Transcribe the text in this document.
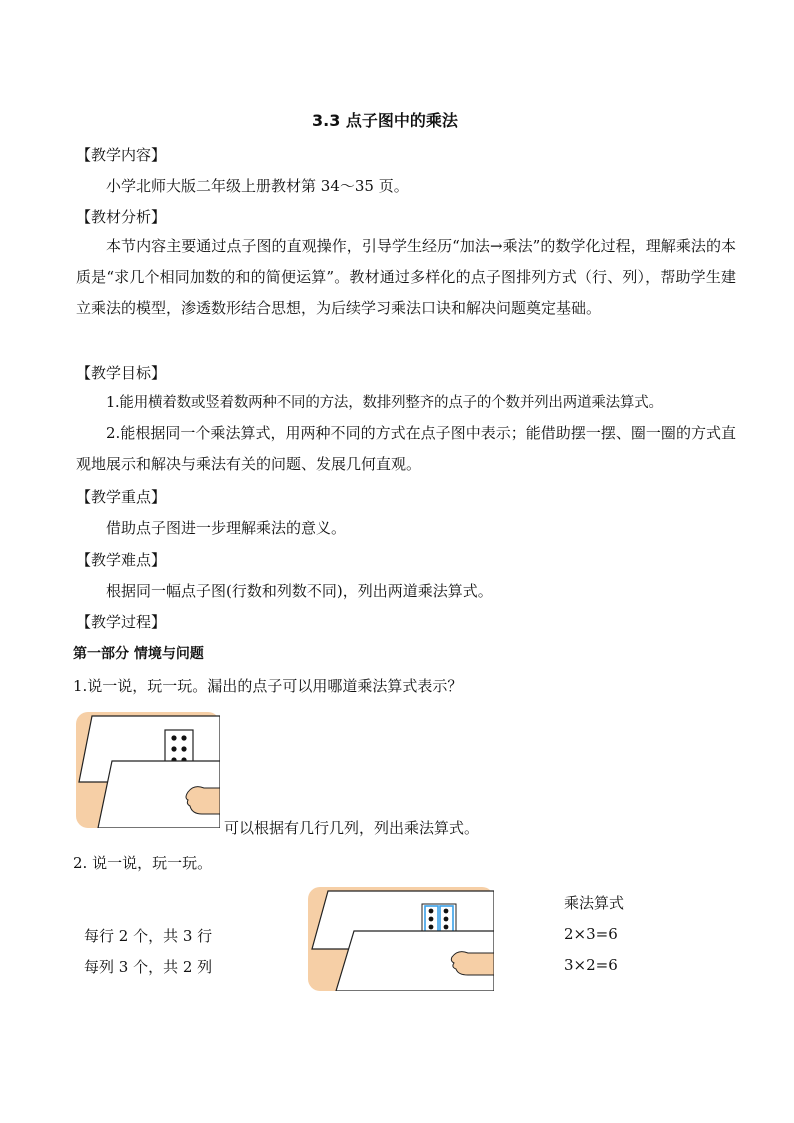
3.3 点子图中的乘法
【教学内容】
小学北师大版二年级上册教材第 34～35 页。
【教材分析】
本节内容主要通过点子图的直观操作，引导学生经历“加法→乘法”的数学化过程，理解乘法的本质是“求几个相同加数的和的简便运算”。教材通过多样化的点子图排列方式（行、列），帮助学生建立乘法的模型，渗透数形结合思想，为后续学习乘法口诀和解决问题奠定基础。
【教学目标】
1.能用横着数或竖着数两种不同的方法，数排列整齐的点子的个数并列出两道乘法算式。
2.能根据同一个乘法算式，用两种不同的方式在点子图中表示；能借助摆一摆、圈一圈的方式直观地展示和解决与乘法有关的问题、发展几何直观。
【教学重点】
借助点子图进一步理解乘法的意义。
【教学难点】
根据同一幅点子图(行数和列数不同)，列出两道乘法算式。
【教学过程】
第一部分 情境与问题
1.说一说，玩一玩。漏出的点子可以用哪道乘法算式表示？
可以根据有几行几列，列出乘法算式。
2. 说一说，玩一玩。
每行 2 个，共 3 行
每列 3 个，共 2 列
乘法算式
2×3=6
3×2=6
